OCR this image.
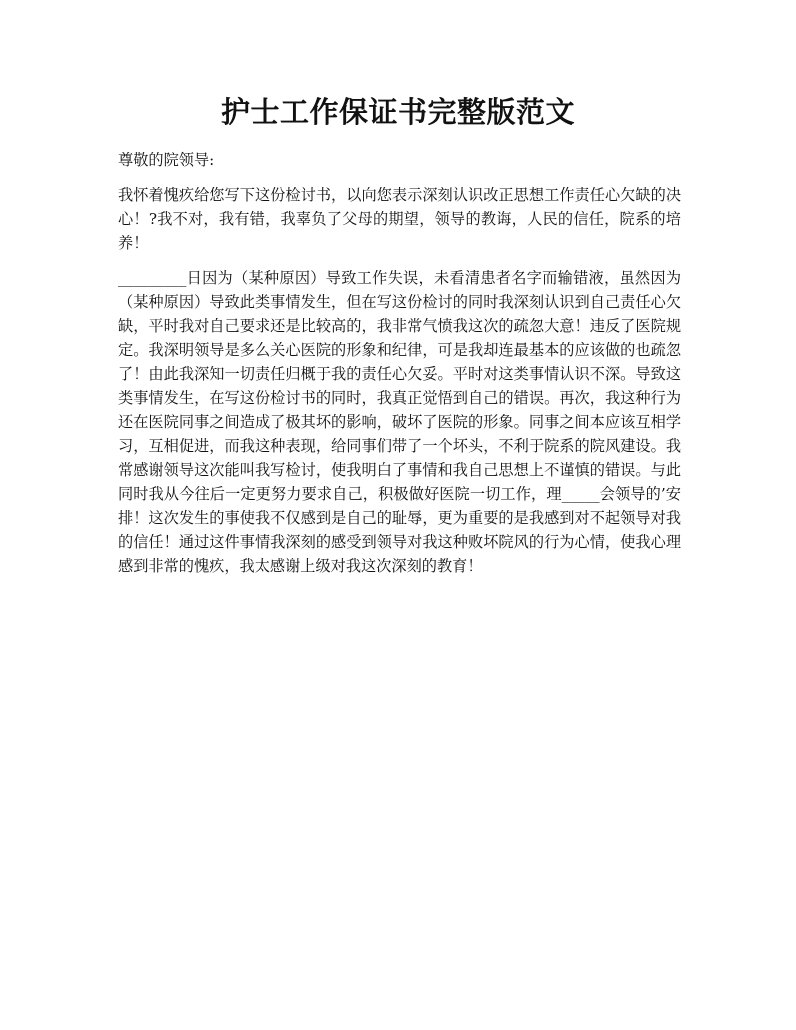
护士工作保证书完整版范文

尊敬的院领导:

我怀着愧疚给您写下这份检讨书，以向您表示深刻认识改正思想工作责任心欠缺的决心！?我不对，我有错，我辜负了父母的期望，领导的教诲，人民的信任，院系的培养！

_________日因为（某种原因）导致工作失误，未看清患者名字而输错液，虽然因为（某种原因）导致此类事情发生，但在写这份检讨的同时我深刻认识到自己责任心欠缺，平时我对自己要求还是比较高的，我非常气愤我这次的疏忽大意！违反了医院规定。我深明领导是多么关心医院的形象和纪律，可是我却连最基本的应该做的也疏忽了！由此我深知一切责任归概于我的责任心欠妥。平时对这类事情认识不深。导致这类事情发生，在写这份检讨书的同时，我真正觉悟到自己的错误。再次，我这种行为还在医院同事之间造成了极其坏的影响，破坏了医院的形象。同事之间本应该互相学习，互相促进，而我这种表现，给同事们带了一个坏头，不利于院系的院风建设。我常感谢领导这次能叫我写检讨，使我明白了事情和我自己思想上不谨慎的错误。与此同时我从今往后一定更努力要求自己，积极做好医院一切工作，理_____会领导的’安排！这次发生的事使我不仅感到是自己的耻辱，更为重要的是我感到对不起领导对我的信任！通过这件事情我深刻的感受到领导对我这种败坏院风的行为心情，使我心理感到非常的愧疚，我太感谢上级对我这次深刻的教育！
